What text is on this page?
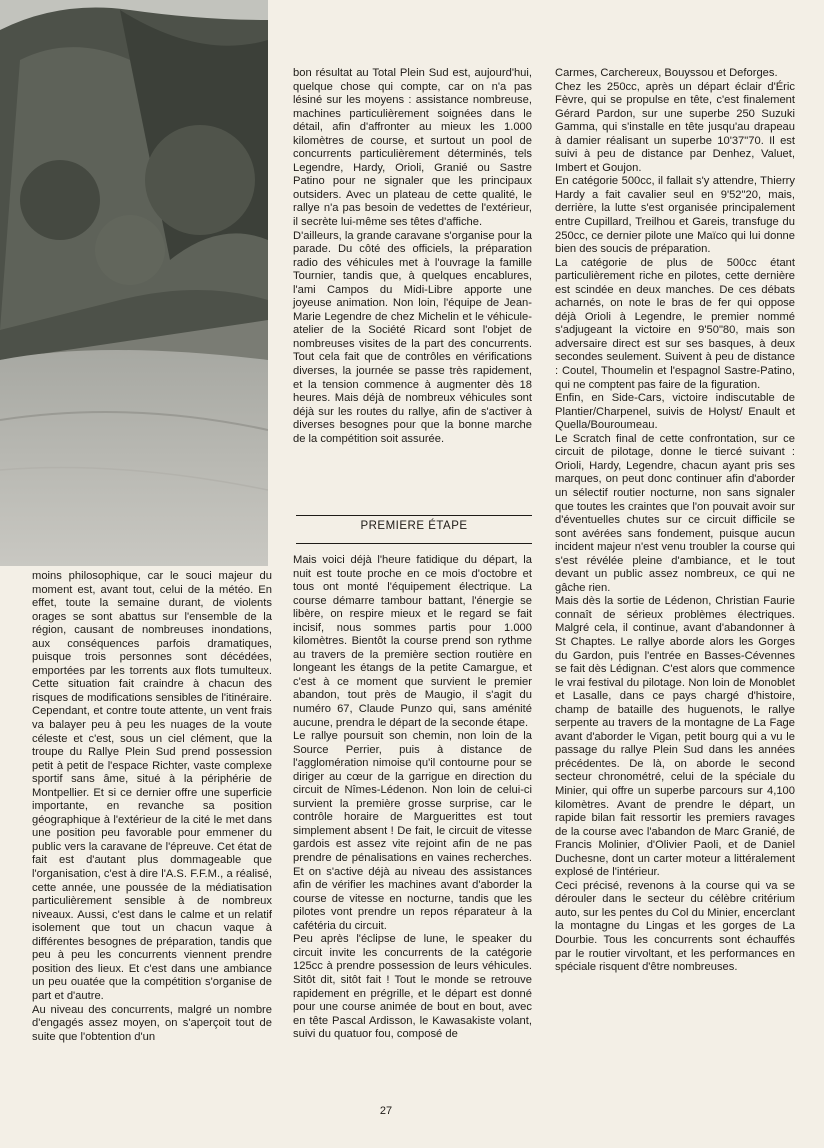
moins philosophique, car le souci majeur du moment est, avant tout, celui de la météo. En effet, toute la semaine durant, de violents orages se sont abattus sur l'ensemble de la région, causant de nombreuses inondations, aux conséquences parfois dramatiques, puisque trois personnes sont décédées, emportées par les torrents aux flots tumulteux. Cette situation fait craindre à chacun des risques de modifications sensibles de l'itinéraire. Cependant, et contre toute attente, un vent frais va balayer peu à peu les nuages de la voute céleste et c'est, sous un ciel clément, que la troupe du Rallye Plein Sud prend possession petit à petit de l'espace Richter, vaste complexe sportif sans âme, situé à la périphérie de Montpellier. Et si ce dernier offre une superficie importante, en revanche sa position géographique à l'extérieur de la cité le met dans une position peu favorable pour emmener du public vers la caravane de l'épreuve. Cet état de fait est d'autant plus dommageable que l'organisation, c'est à dire l'A.S. F.F.M., a réalisé, cette année, une poussée de la médiatisation particulièrement sensible à de nombreux niveaux. Aussi, c'est dans le calme et un relatif isolement que tout un chacun vaque à différentes besognes de préparation, tandis que peu à peu les concurrents viennent prendre position des lieux. Et c'est dans une ambiance un peu ouatée que la compétition s'organise de part et d'autre.

Au niveau des concurrents, malgré un nombre d'engagés assez moyen, on s'aperçoit tout de suite que l'obtention d'un

bon résultat au Total Plein Sud est, aujourd'hui, quelque chose qui compte, car on n'a pas lésiné sur les moyens : assistance nombreuse, machines particulièrement soignées dans le détail, afin d'affronter au mieux les 1.000 kilomètres de course, et surtout un pool de concurrents particulièrement déterminés, tels Legendre, Hardy, Orioli, Granié ou Sastre Patino pour ne signaler que les principaux outsiders. Avec un plateau de cette qualité, le rallye n'a pas besoin de vedettes de l'extérieur, il secrète lui-même ses têtes d'affiche.

D'ailleurs, la grande caravane s'organise pour la parade. Du côté des officiels, la préparation radio des véhicules met à l'ouvrage la famille Tournier, tandis que, à quelques encablures, l'ami Campos du Midi-Libre apporte une joyeuse animation. Non loin, l'équipe de Jean-Marie Legendre de chez Michelin et le véhicule-atelier de la Société Ricard sont l'objet de nombreuses visites de la part des concurrents. Tout cela fait que de contrôles en vérifications diverses, la journée se passe très rapidement, et la tension commence à augmenter dès 18 heures. Mais déjà de nombreux véhicules sont déjà sur les routes du rallye, afin de s'activer à diverses besognes pour que la bonne marche de la compétition soit assurée.

PREMIERE ÉTAPE

Mais voici déjà l'heure fatidique du départ, la nuit est toute proche en ce mois d'octobre et tous ont monté l'équipement électrique. La course démarre tambour battant, l'énergie se libère, on respire mieux et le regard se fait incisif, nous sommes partis pour 1.000 kilomètres. Bientôt la course prend son rythme au travers de la première section routière en longeant les étangs de la petite Camargue, et c'est à ce moment que survient le premier abandon, tout près de Maugio, il s'agit du numéro 67, Claude Punzo qui, sans aménité aucune, prendra le départ de la seconde étape.

Le rallye poursuit son chemin, non loin de la Source Perrier, puis à distance de l'agglomération nimoise qu'il contourne pour se diriger au cœur de la garrigue en direction du circuit de Nîmes-Lédenon. Non loin de celui-ci survient la première grosse surprise, car le contrôle horaire de Marguerittes est tout simplement absent ! De fait, le circuit de vitesse gardois est assez vite rejoint afin de ne pas prendre de pénalisations en vaines recherches. Et on s'active déjà au niveau des assistances afin de vérifier les machines avant d'aborder la course de vitesse en nocturne, tandis que les pilotes vont prendre un repos réparateur à la cafétéria du circuit.

Peu après l'éclipse de lune, le speaker du circuit invite les concurrents de la catégorie 125cc à prendre possession de leurs véhicules. Sitôt dit, sitôt fait ! Tout le monde se retrouve rapidement en prégrille, et le départ est donné pour une course animée de bout en bout, avec en tête Pascal Ardisson, le Kawasakiste volant, suivi du quatuor fou, composé de

Carmes, Carchereux, Bouyssou et Deforges.

Chez les 250cc, après un départ éclair d'Éric Fèvre, qui se propulse en tête, c'est finalement Gérard Pardon, sur une superbe 250 Suzuki Gamma, qui s'installe en tête jusqu'au drapeau à damier réalisant un superbe 10'37"70. Il est suivi à peu de distance par Denhez, Valuet, Imbert et Goujon.

En catégorie 500cc, il fallait s'y attendre, Thierry Hardy a fait cavalier seul en 9'52"20, mais, derrière, la lutte s'est organisée principalement entre Cupillard, Treilhou et Gareis, transfuge du 250cc, ce dernier pilote une Maïco qui lui donne bien des soucis de préparation.

La catégorie de plus de 500cc étant particulièrement riche en pilotes, cette dernière est scindée en deux manches. De ces débats acharnés, on note le bras de fer qui oppose déjà Orioli à Legendre, le premier nommé s'adjugeant la victoire en 9'50"80, mais son adversaire direct est sur ses basques, à deux secondes seulement. Suivent à peu de distance : Coutel, Thoumelin et l'espagnol Sastre-Patino, qui ne comptent pas faire de la figuration.

Enfin, en Side-Cars, victoire indiscutable de Plantier/Charpenel, suivis de Holyst/ Enault et Quella/Bouroumeau.

Le Scratch final de cette confrontation, sur ce circuit de pilotage, donne le tiercé suivant : Orioli, Hardy, Legendre, chacun ayant pris ses marques, on peut donc continuer afin d'aborder un sélectif routier nocturne, non sans signaler que toutes les craintes que l'on pouvait avoir sur d'éventuelles chutes sur ce circuit difficile se sont avérées sans fondement, puisque aucun incident majeur n'est venu troubler la course qui s'est révélée pleine d'ambiance, et le tout devant un public assez nombreux, ce qui ne gâche rien.

Mais dès la sortie de Lédenon, Christian Faurie connaît de sérieux problèmes électriques. Malgré cela, il continue, avant d'abandonner à St Chaptes. Le rallye aborde alors les Gorges du Gardon, puis l'entrée en Basses-Cévennes se fait dès Lédignan. C'est alors que commence le vrai festival du pilotage. Non loin de Monoblet et Lasalle, dans ce pays chargé d'histoire, champ de bataille des huguenots, le rallye serpente au travers de la montagne de La Fage avant d'aborder le Vigan, petit bourg qui a vu le passage du rallye Plein Sud dans les années précédentes. De là, on aborde le second secteur chronométré, celui de la spéciale du Minier, qui offre un superbe parcours sur 4,100 kilomètres. Avant de prendre le départ, un rapide bilan fait ressortir les premiers ravages de la course avec l'abandon de Marc Granié, de Francis Molinier, d'Olivier Paoli, et de Daniel Duchesne, dont un carter moteur a littéralement explosé de l'intérieur.

Ceci précisé, revenons à la course qui va se dérouler dans le secteur du célèbre critérium auto, sur les pentes du Col du Minier, encerclant la montagne du Lingas et les gorges de La Dourbie. Tous les concurrents sont échauffés par le routier virvoltant, et les performances en spéciale risquent d'être nombreuses.

27
